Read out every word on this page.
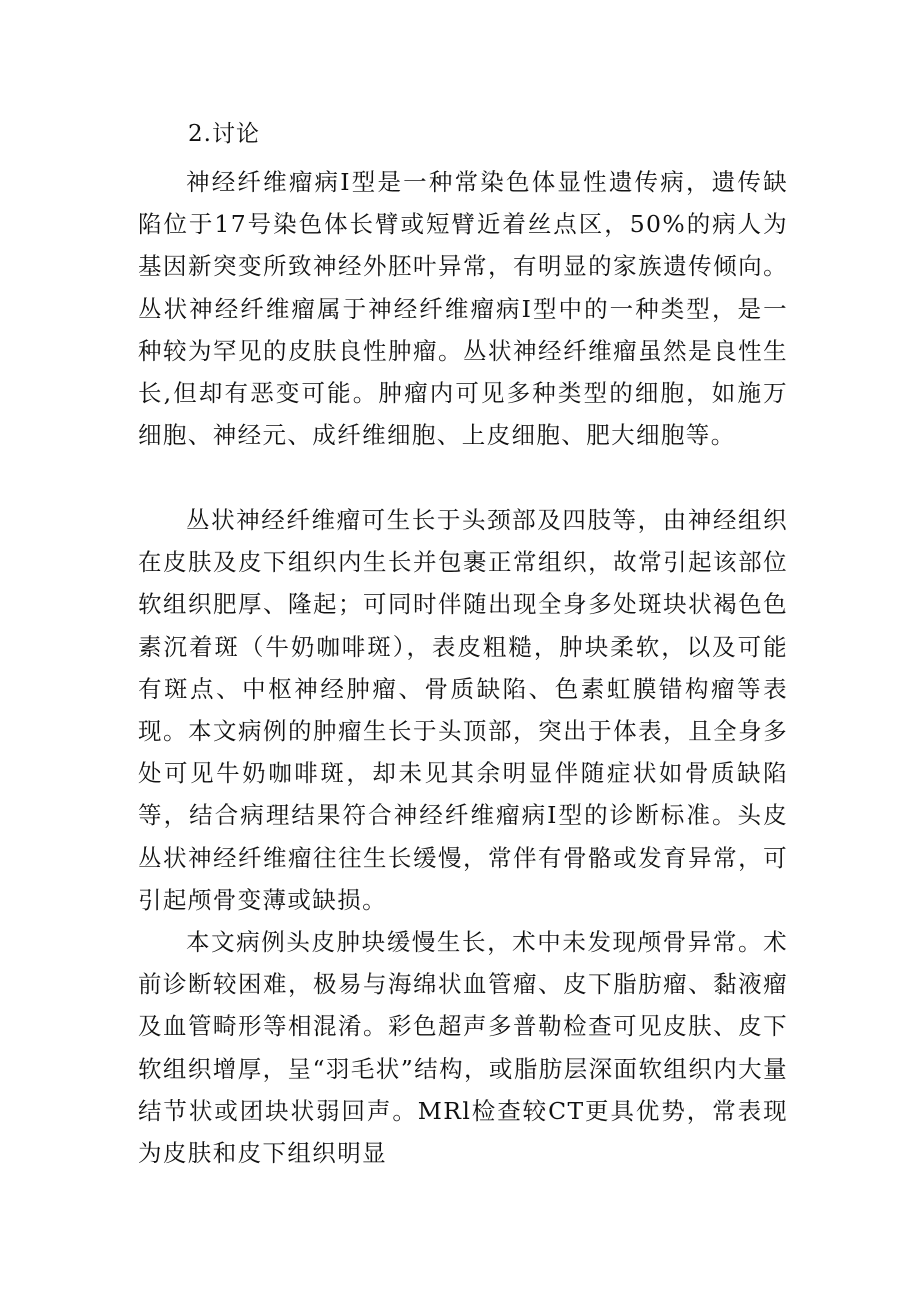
2.讨论

神经纤维瘤病Ⅰ型是一种常染色体显性遗传病，遗传缺陷位于17号染色体长臂或短臂近着丝点区，50%的病人为基因新突变所致神经外胚叶异常，有明显的家族遗传倾向。丛状神经纤维瘤属于神经纤维瘤病Ⅰ型中的一种类型，是一种较为罕见的皮肤良性肿瘤。丛状神经纤维瘤虽然是良性生长,但却有恶变可能。肿瘤内可见多种类型的细胞，如施万细胞、神经元、成纤维细胞、上皮细胞、肥大细胞等。

丛状神经纤维瘤可生长于头颈部及四肢等，由神经组织在皮肤及皮下组织内生长并包裹正常组织，故常引起该部位软组织肥厚、隆起；可同时伴随出现全身多处斑块状褐色色素沉着斑（牛奶咖啡斑），表皮粗糙，肿块柔软，以及可能有斑点、中枢神经肿瘤、骨质缺陷、色素虹膜错构瘤等表现。本文病例的肿瘤生长于头顶部，突出于体表，且全身多处可见牛奶咖啡斑，却未见其余明显伴随症状如骨质缺陷等，结合病理结果符合神经纤维瘤病Ⅰ型的诊断标准。头皮丛状神经纤维瘤往往生长缓慢，常伴有骨骼或发育异常，可引起颅骨变薄或缺损。

本文病例头皮肿块缓慢生长，术中未发现颅骨异常。术前诊断较困难，极易与海绵状血管瘤、皮下脂肪瘤、黏液瘤及血管畸形等相混淆。彩色超声多普勒检查可见皮肤、皮下软组织增厚，呈“羽毛状”结构，或脂肪层深面软组织内大量结节状或团块状弱回声。MRl检查较CT更具优势，常表现为皮肤和皮下组织明显
